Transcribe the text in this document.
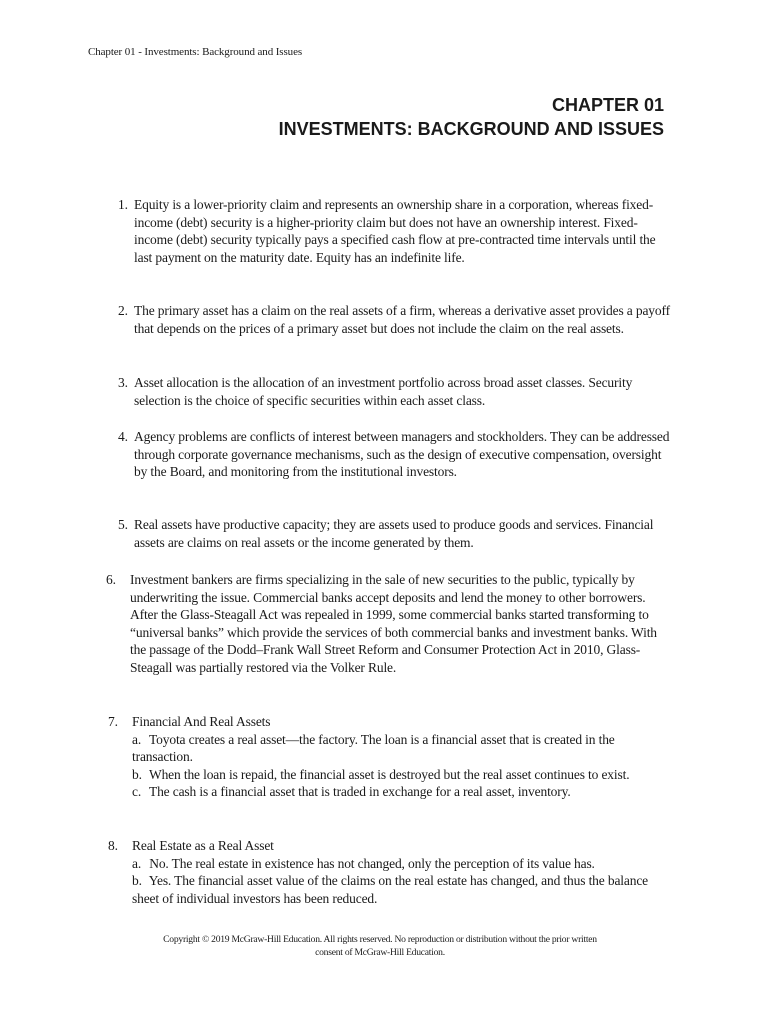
Chapter 01 - Investments: Background and Issues
CHAPTER 01
INVESTMENTS: BACKGROUND AND ISSUES

1. Equity is a lower-priority claim and represents an ownership share in a corporation, whereas fixed-income (debt) security is a higher-priority claim but does not have an ownership interest. Fixed-income (debt) security typically pays a specified cash flow at pre-contracted time intervals until the last payment on the maturity date. Equity has an indefinite life.

2. The primary asset has a claim on the real assets of a firm, whereas a derivative asset provides a payoff that depends on the prices of a primary asset but does not include the claim on the real assets.

3. Asset allocation is the allocation of an investment portfolio across broad asset classes. Security selection is the choice of specific securities within each asset class.

4. Agency problems are conflicts of interest between managers and stockholders. They can be addressed through corporate governance mechanisms, such as the design of executive compensation, oversight by the Board, and monitoring from the institutional investors.

5. Real assets have productive capacity; they are assets used to produce goods and services. Financial assets are claims on real assets or the income generated by them.

6. Investment bankers are firms specializing in the sale of new securities to the public, typically by underwriting the issue. Commercial banks accept deposits and lend the money to other borrowers. After the Glass-Steagall Act was repealed in 1999, some commercial banks started transforming to “universal banks” which provide the services of both commercial banks and investment banks. With the passage of the Dodd–Frank Wall Street Reform and Consumer Protection Act in 2010, Glass-Steagall was partially restored via the Volker Rule.

7. Financial And Real Assets

a. Toyota creates a real asset—the factory. The loan is a financial asset that is created in the transaction.

b. When the loan is repaid, the financial asset is destroyed but the real asset continues to exist.

c. The cash is a financial asset that is traded in exchange for a real asset, inventory.

8. Real Estate as a Real Asset

a. No. The real estate in existence has not changed, only the perception of its value has.

b. Yes. The financial asset value of the claims on the real estate has changed, and thus the balance sheet of individual investors has been reduced.

Copyright © 2019 McGraw-Hill Education. All rights reserved. No reproduction or distribution without the prior written
consent of McGraw-Hill Education.
